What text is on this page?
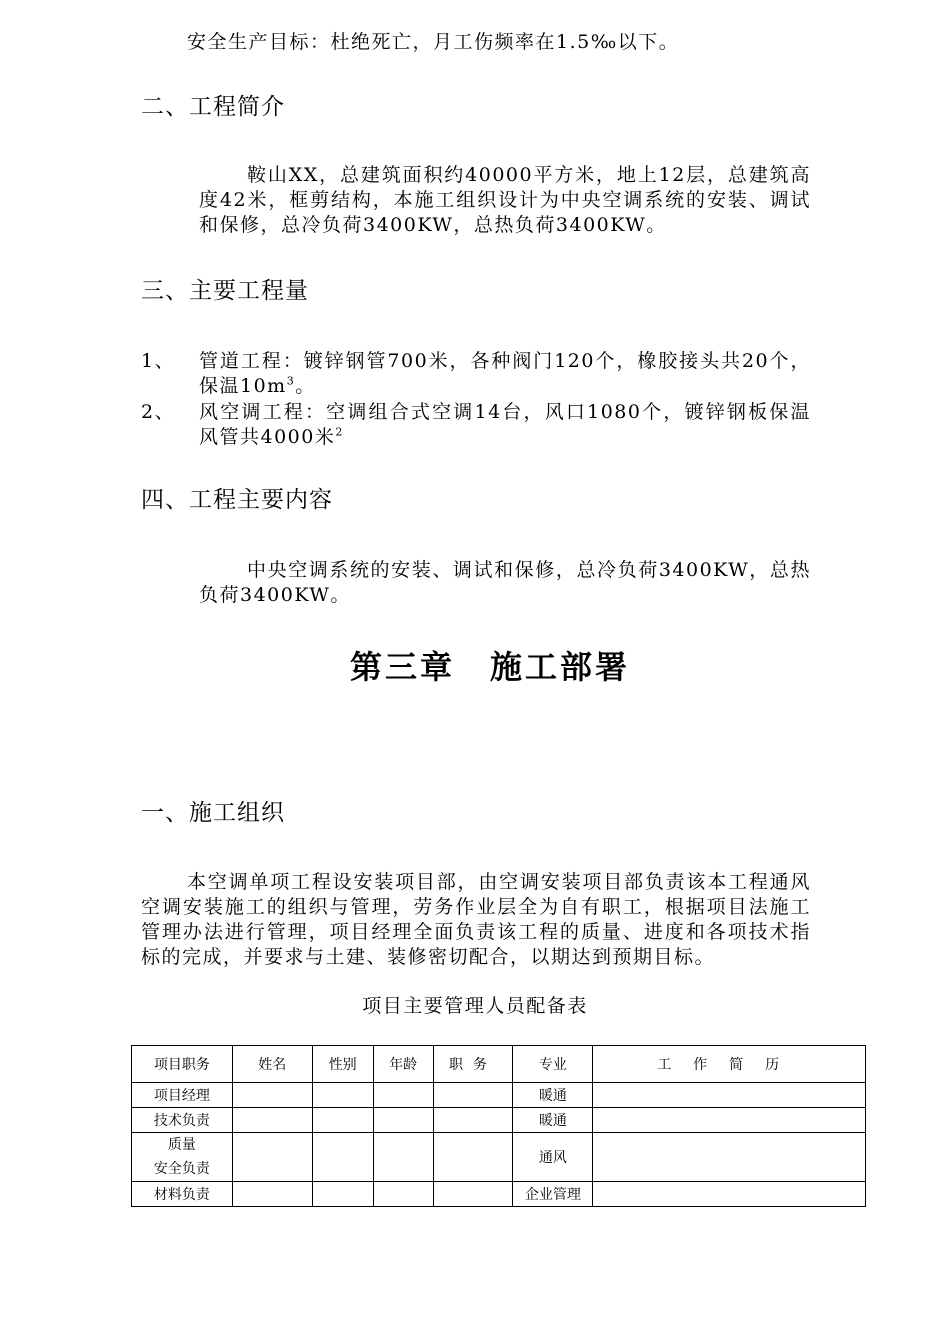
安全生产目标：杜绝死亡，月工伤频率在1.5‰以下。
二、工程简介
鞍山XX，总建筑面积约40000平方米，地上12层，总建筑高度42米，框剪结构，本施工组织设计为中央空调系统的安装、调试和保修，总冷负荷3400KW，总热负荷3400KW。
三、主要工程量
1、 管道工程：镀锌钢管700米，各种阀门120个，橡胶接头共20个，保温$10m^3$。
2、 风空调工程：空调组合式空调14台，风口1080个，镀锌钢板保温风管共4000米$^2$
四、工程主要内容
中央空调系统的安装、调试和保修，总冷负荷3400KW，总热负荷3400KW。
第三章　施工部署
一、施工组织
本空调单项工程设安装项目部，由空调安装项目部负责该本工程通风空调安装施工的组织与管理，劳务作业层全为自有职工，根据项目法施工管理办法进行管理，项目经理全面负责该工程的质量、进度和各项技术指标的完成，并要求与土建、装修密切配合，以期达到预期目标。
项目主要管理人员配备表
项目职务	姓名	性别	年龄	职务	专业	工作简历
项目经理					暖通	
技术负责					暖通	

质量
安全负责					通风	
材料负责					企业管理	
